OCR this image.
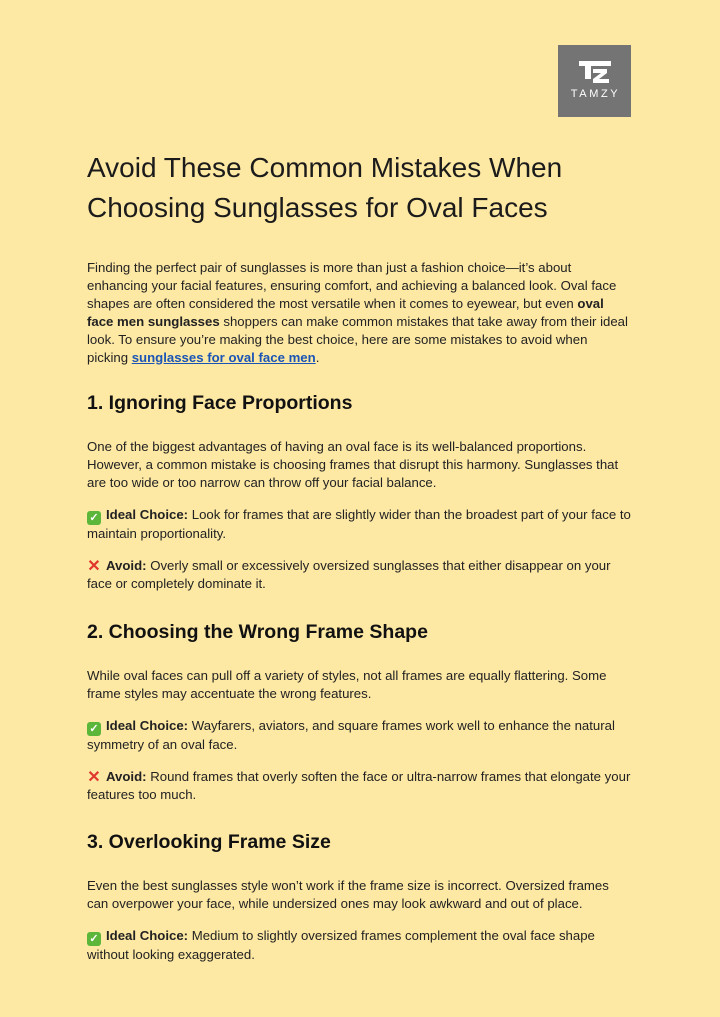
TAMZY
Avoid These Common Mistakes When Choosing Sunglasses for Oval Faces

Finding the perfect pair of sunglasses is more than just a fashion choice—it’s about enhancing your facial features, ensuring comfort, and achieving a balanced look. Oval face shapes are often considered the most versatile when it comes to eyewear, but even oval face men sunglasses shoppers can make common mistakes that take away from their ideal look. To ensure you’re making the best choice, here are some mistakes to avoid when picking sunglasses for oval face men.

1. Ignoring Face Proportions

One of the biggest advantages of having an oval face is its well-balanced proportions. However, a common mistake is choosing frames that disrupt this harmony. Sunglasses that are too wide or too narrow can throw off your facial balance.

✓ Ideal Choice: Look for frames that are slightly wider than the broadest part of your face to maintain proportionality.

✕ Avoid: Overly small or excessively oversized sunglasses that either disappear on your face or completely dominate it.

2. Choosing the Wrong Frame Shape

While oval faces can pull off a variety of styles, not all frames are equally flattering. Some frame styles may accentuate the wrong features.

✓ Ideal Choice: Wayfarers, aviators, and square frames work well to enhance the natural symmetry of an oval face.

✕ Avoid: Round frames that overly soften the face or ultra-narrow frames that elongate your features too much.

3. Overlooking Frame Size

Even the best sunglasses style won’t work if the frame size is incorrect. Oversized frames can overpower your face, while undersized ones may look awkward and out of place.

✓ Ideal Choice: Medium to slightly oversized frames complement the oval face shape without looking exaggerated.
